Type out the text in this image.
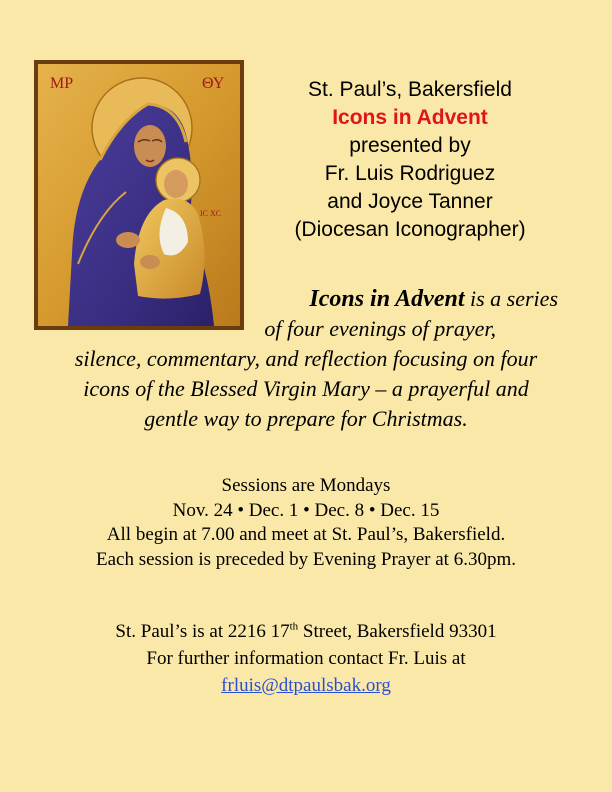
MP	ΘΥ
IC XC
St. Paul’s, Bakersfield
Icons in Advent
presented by
Fr. Luis Rodriguez
and Joyce Tanner
(Diocesan Iconographer)
Icons in Advent is a series
of four evenings of prayer,
silence, commentary, and reflection focusing on four
icons of the Blessed Virgin Mary – a prayerful and
gentle way to prepare for Christmas.
Sessions are Mondays
Nov. 24 • Dec. 1 • Dec. 8 • Dec. 15
All begin at 7.00 and meet at St. Paul’s, Bakersfield.
Each session is preceded by Evening Prayer at 6.30pm.
St. Paul’s is at 2216 17th Street, Bakersfield 93301
For further information contact Fr. Luis at
frluis@dtpaulsbak.org
